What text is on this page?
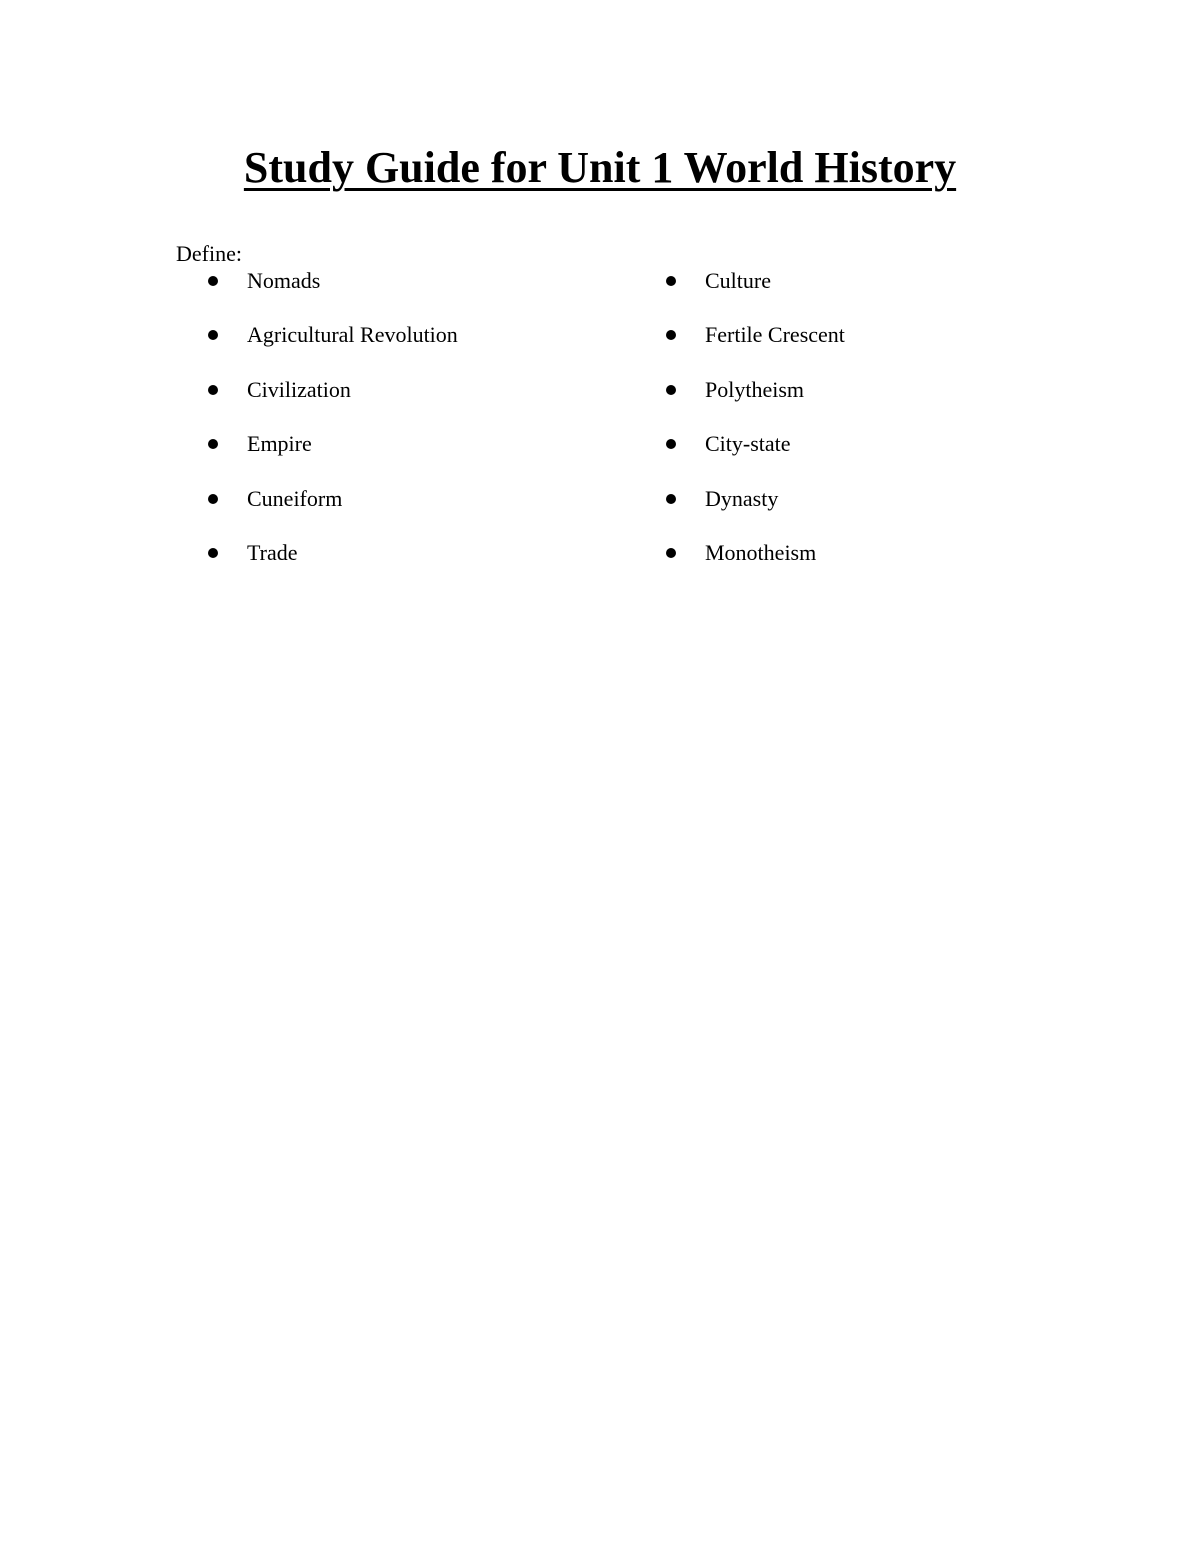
Study Guide for Unit 1 World History
Define:
Nomads
Agricultural Revolution
Civilization
Empire
Cuneiform
Trade
Culture
Fertile Crescent
Polytheism
City-state
Dynasty
Monotheism
